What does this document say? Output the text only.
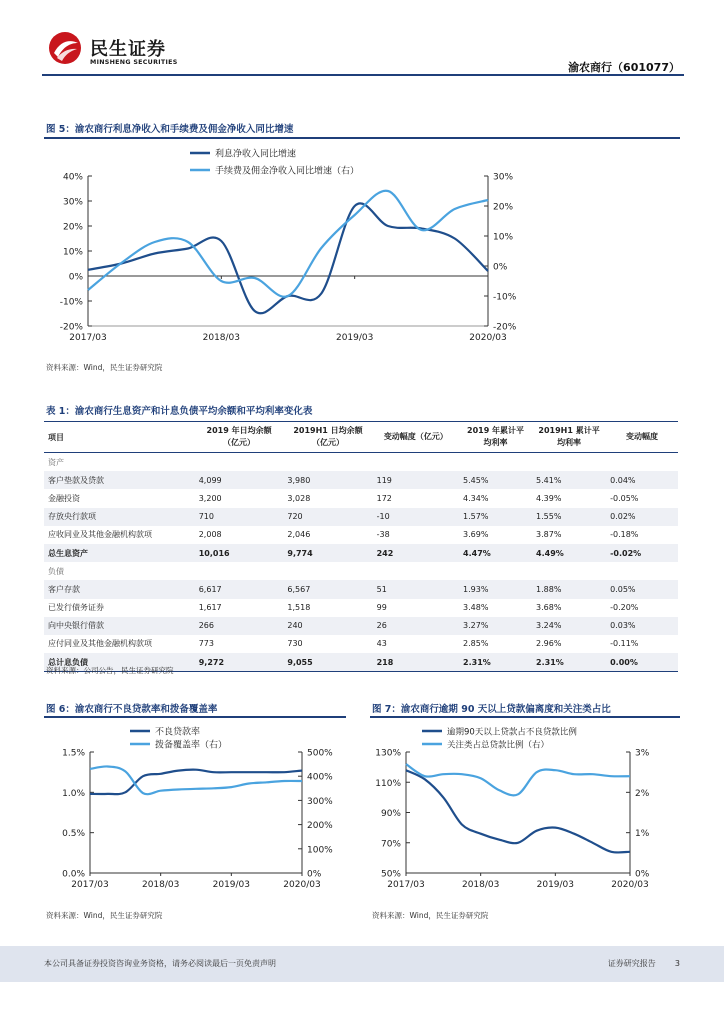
民生证券
MINSHENG SECURITIES	渝农商行（601077）
图 5：渝农商行利息净收入和手续费及佣金净收入同比增速
40%
30%
20%
10%
0%
-10%
-20%
30%
20%
10%
0%
-10%
-20%
2017/03	2018/03	2019/03	2020/03
利息净收入同比增速
手续费及佣金净收入同比增速（右）
资料来源：Wind，民生证券研究院
表 1：渝农商行生息资产和计息负债平均余额和平均利率变化表
项目	2019 年日均余额（亿元）	2019H1 日均余额（亿元）	变动幅度（亿元）	2019 年累计平均利率	2019H1 累计平均利率	变动幅度
资产						
客户垫款及贷款	4,099	3,980	119	5.45%	5.41%	0.04%
金融投资	3,200	3,028	172	4.34%	4.39%	-0.05%
存放央行款项	710	720	-10	1.57%	1.55%	0.02%
应收同业及其他金融机构款项	2,008	2,046	-38	3.69%	3.87%	-0.18%
总生息资产	10,016	9,774	242	4.47%	4.49%	-0.02%
负债						
客户存款	6,617	6,567	51	1.93%	1.88%	0.05%
已发行债务证券	1,617	1,518	99	3.48%	3.68%	-0.20%
向中央银行借款	266	240	26	3.27%	3.24%	0.03%
应付同业及其他金融机构款项	773	730	43	2.85%	2.96%	-0.11%
总计息负债	9,272	9,055	218	2.31%	2.31%	0.00%
资料来源：公司公告，民生证券研究院
图 6：渝农商行不良贷款率和拨备覆盖率
1.5%
1.0%
0.5%
0.0%
500%
400%
300%
200%
100%
0%
2017/03	2018/03	2019/03	2020/03
不良贷款率
拨备覆盖率（右）
资料来源：Wind，民生证券研究院
图 7：渝农商行逾期 90 天以上贷款偏离度和关注类占比
130%
110%
90%
70%
50%
3%
2%
1%
0%
2017/03	2018/03	2019/03	2020/03
逾期90天以上贷款占不良贷款比例
关注类占总贷款比例（右）
资料来源：Wind，民生证券研究院
本公司具备证券投资咨询业务资格，请务必阅读最后一页免责声明	证券研究报告 3
